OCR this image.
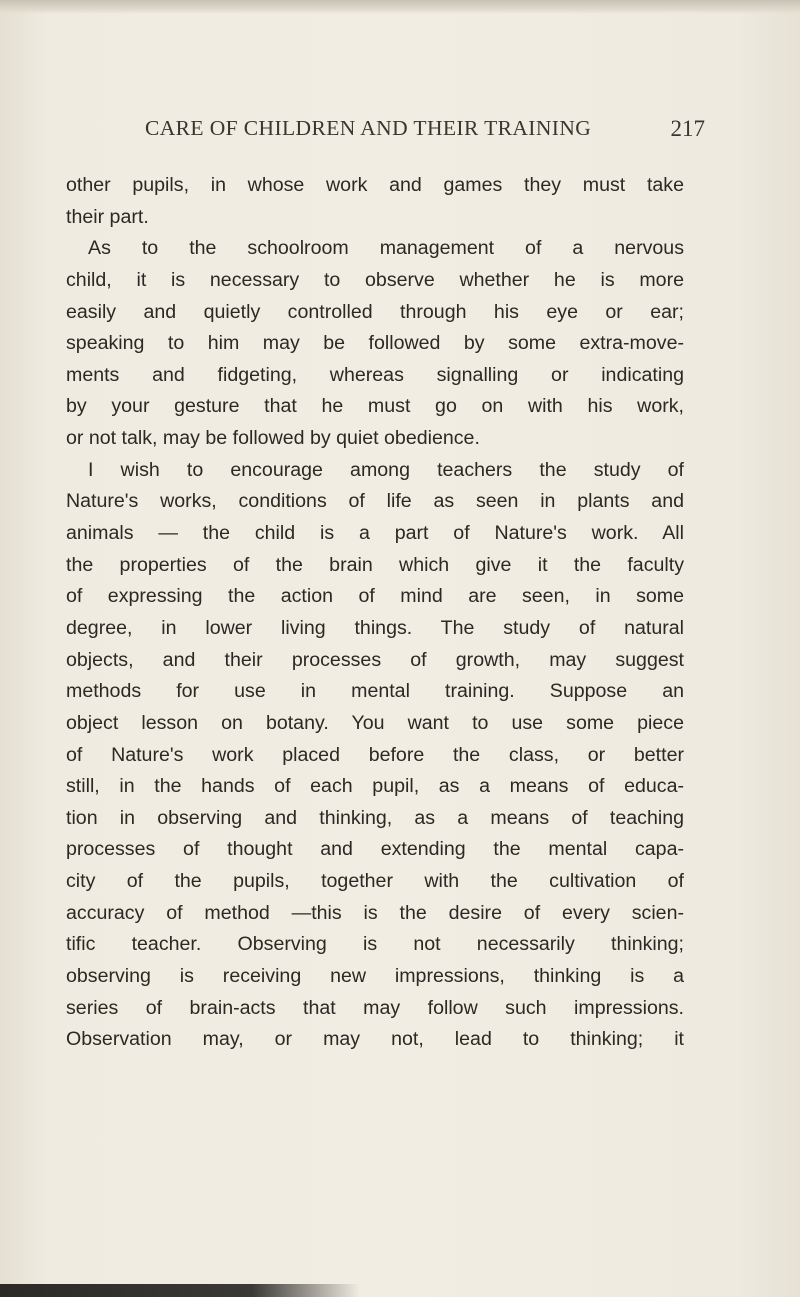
CARE OF CHILDREN AND THEIR TRAINING	217
other pupils, in whose work and games they must take
their part.
As to the schoolroom management of a nervous
child, it is necessary to observe whether he is more
easily and quietly controlled through his eye or ear;
speaking to him may be followed by some extra-move-
ments and fidgeting, whereas signalling or indicating
by your gesture that he must go on with his work,
or not talk, may be followed by quiet obedience.
I wish to encourage among teachers the study of
Nature's works, conditions of life as seen in plants and
animals — the child is a part of Nature's work. All
the properties of the brain which give it the faculty
of expressing the action of mind are seen, in some
degree, in lower living things. The study of natural
objects, and their processes of growth, may suggest
methods for use in mental training. Suppose an
object lesson on botany. You want to use some piece
of Nature's work placed before the class, or better
still, in the hands of each pupil, as a means of educa-
tion in observing and thinking, as a means of teaching
processes of thought and extending the mental capa-
city of the pupils, together with the cultivation of
accuracy of method —this is the desire of every scien-
tific teacher. Observing is not necessarily thinking;
observing is receiving new impressions, thinking is a
series of brain-acts that may follow such impressions.
Observation may, or may not, lead to thinking; it
